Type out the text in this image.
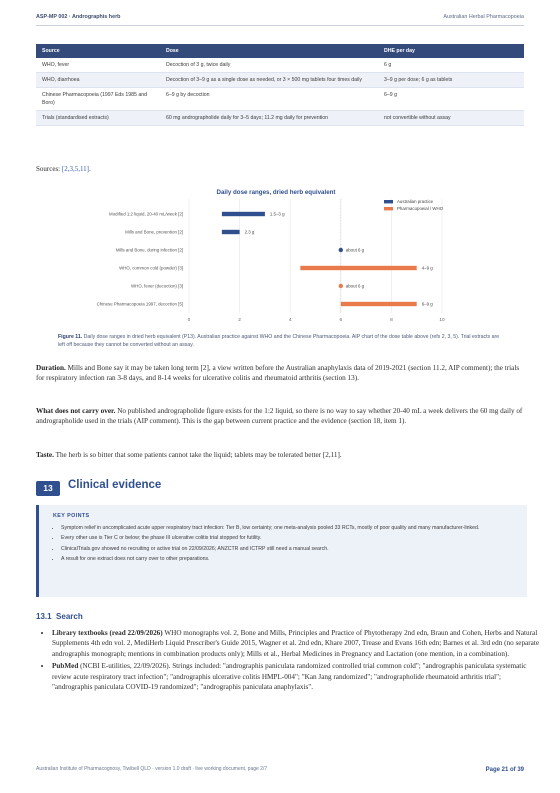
ASP-MP 002 · Andrographis herb	Australian Herbal Pharmacopoeia
Source	Dose	DHE per day
WHO, fever	Decoction of 3 g, twice daily	6 g
WHO, diarrhoea	Decoction of 3–9 g as a single dose as needed, or 3 × 500 mg tablets four times daily	3–9 g per dose; 6 g as tablets
Chinese Pharmacopoeia (1997 Eds 1985 and Boro)	6–9 g by decoction	6–9 g
Trials (standardised extracts)	60 mg andrographolide daily for 3–5 days; 11.2 mg daily for prevention	not convertible without assay
Sources: [2,3,5,11].
Daily dose ranges, dried herb equivalent
0	2	4	6	8	10
Modified 1:2 liquid, 20-40 mL/week [2]	1.5–3 g
Mills and Bone, prevention [2]	2.3 g
Mills and Bone, during infection [2]	about 6 g
WHO, common cold (powder) [3]	4–9 g
WHO, fever (decoction) [3]	about 6 g
Chinese Pharmacopoeia 1997, decoction [5]	6–9 g
Australian practice
Pharmacopoeial / WHO
Figure 11. Daily dose ranges in dried herb equivalent (P13). Australian practice against WHO and the Chinese Pharmacopoeia. AIP chart of the dose table above (refs 2, 3, 5). Trial extracts are left off because they cannot be converted without an assay.

Duration. Mills and Bone say it may be taken long term [2], a view written before the Australian anaphylaxis data of 2019-2021 (section 11.2, AIP comment); the trials for respiratory infection ran 3-8 days, and 8-14 weeks for ulcerative colitis and rheumatoid arthritis (section 13).

What does not carry over. No published andrographolide figure exists for the 1:2 liquid, so there is no way to say whether 20-40 mL a week delivers the 60 mg daily of andrographolide used in the trials (AIP comment). This is the gap between current practice and the evidence (section 18, item 1).

Taste. The herb is so bitter that some patients cannot take the liquid; tablets may be tolerated better [2,11].

13	Clinical evidence
KEY POINTS
• Symptom relief in uncomplicated acute upper respiratory tract infection: Tier B, low certainty; one meta-analysis pooled 33 RCTs, mostly of poor quality and many manufacturer-linked.
• Every other use is Tier C or below; the phase III ulcerative colitis trial stopped for futility.
• ClinicalTrials.gov showed no recruiting or active trial on 22/09/2026; ANZCTR and ICTRP still need a manual search.
• A result for one extract does not carry over to other preparations.
13.1 Search
• Library textbooks (read 22/09/2026) WHO monographs vol. 2, Bone and Mills, Principles and Practice of Phytotherapy 2nd edn, Braun and Cohen, Herbs and Natural Supplements 4th edn vol. 2, MediHerb Liquid Prescriber's Guide 2015, Wagner et al. 2nd edn, Khare 2007, Trease and Evans 16th edn; Barnes et al. 3rd edn (no separate andrographis monograph; mentions in combination products only); Mills et al., Herbal Medicines in Pregnancy and Lactation (one mention, in a combination).
• PubMed (NCBI E-utilities, 22/09/2026). Strings included: "andrographis paniculata randomized controlled trial common cold"; "andrographis paniculata systematic review acute respiratory tract infection"; "andrographis ulcerative colitis HMPL-004"; "Kan Jang randomized"; "andrographolide rheumatoid arthritis trial"; "andrographis paniculata COVID-19 randomized"; "andrographis paniculata anaphylaxis".
Australian Institute of Pharmacognosy, Tiwibell QLD · version 1.0 draft · live working document, page 2/7	Page 21 of 39
